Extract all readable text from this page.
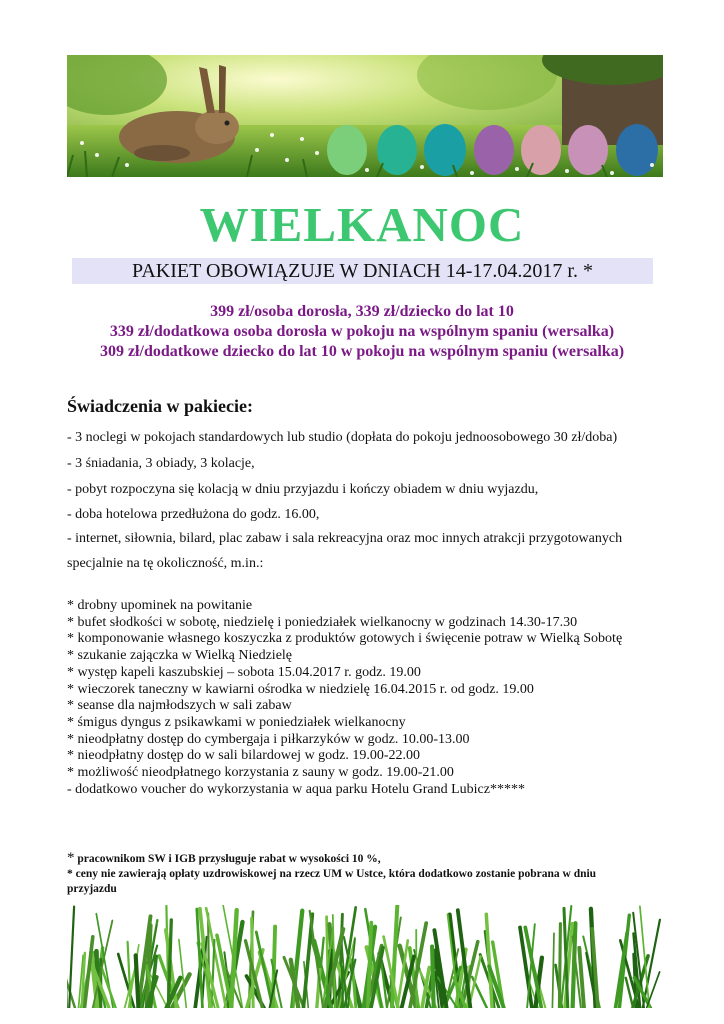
WIELKANOC
PAKIET OBOWIĄZUJE W DNIACH 14-17.04.2017 r. *
399 zł/osoba dorosła, 339 zł/dziecko do lat 10
339 zł/dodatkowa osoba dorosła w pokoju na wspólnym spaniu (wersalka)
309 zł/dodatkowe dziecko do lat 10 w pokoju na wspólnym spaniu (wersalka)
Świadczenia w pakiecie:
- 3 noclegi w pokojach standardowych lub studio (dopłata do pokoju jednoosobowego 30 zł/doba)
- 3 śniadania, 3 obiady, 3 kolacje,
- pobyt rozpoczyna się kolacją w dniu przyjazdu i kończy obiadem w dniu wyjazdu,
- doba hotelowa przedłużona do godz. 16.00,
- internet, siłownia, bilard, plac zabaw i sala rekreacyjna oraz moc innych atrakcji przygotowanych
specjalnie na tę okoliczność, m.in.:
* drobny upominek na powitanie
* bufet słodkości w sobotę, niedzielę i poniedziałek wielkanocny w godzinach 14.30-17.30
* komponowanie własnego koszyczka z produktów gotowych i święcenie potraw w Wielką Sobotę
* szukanie zajączka w Wielką Niedzielę
* występ kapeli kaszubskiej – sobota 15.04.2017 r. godz. 19.00
* wieczorek taneczny w kawiarni ośrodka w niedzielę 16.04.2015 r. od godz. 19.00
* seanse dla najmłodszych w sali zabaw
* śmigus dyngus z psikawkami w poniedziałek wielkanocny
* nieodpłatny dostęp do cymbergaja i piłkarzyków w godz. 10.00-13.00
* nieodpłatny dostęp do w sali bilardowej w godz. 19.00-22.00
* możliwość nieodpłatnego korzystania z sauny w godz. 19.00-21.00
- dodatkowo voucher do wykorzystania w aqua parku Hotelu Grand Lubicz*****
* pracownikom SW i IGB przysługuje rabat w wysokości 10 %,
* ceny nie zawierają opłaty uzdrowiskowej na rzecz UM w Ustce, która dodatkowo zostanie pobrana w dniu przyjazdu
